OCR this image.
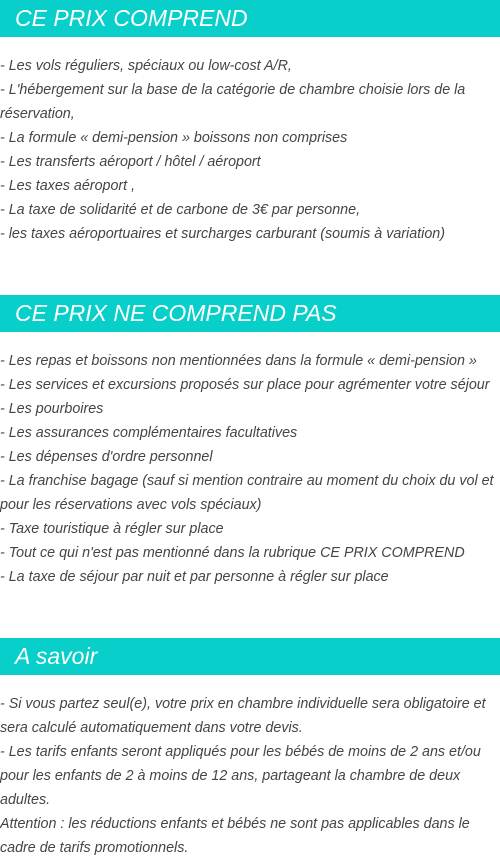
CE PRIX COMPREND
- Les vols réguliers, spéciaux ou low-cost A/R,
- L'hébergement sur la base de la catégorie de chambre choisie lors de la réservation,
- La formule « demi-pension » boissons non comprises
- Les transferts aéroport / hôtel / aéroport
- Les taxes aéroport ,
- La taxe de solidarité et de carbone de 3€ par personne,
- les taxes aéroportuaires et surcharges carburant (soumis à variation)
CE PRIX NE COMPREND PAS
- Les repas et boissons non mentionnées dans la formule « demi-pension »
- Les services et excursions proposés sur place pour agrémenter votre séjour
- Les pourboires
- Les assurances complémentaires facultatives
- Les dépenses d'ordre personnel
- La franchise bagage (sauf si mention contraire au moment du choix du vol et pour les réservations avec vols spéciaux)
- Taxe touristique à régler sur place
- Tout ce qui n'est pas mentionné dans la rubrique CE PRIX COMPREND
- La taxe de séjour par nuit et par personne à régler sur place
A savoir
- Si vous partez seul(e), votre prix en chambre individuelle sera obligatoire et sera calculé automatiquement dans votre devis.
- Les tarifs enfants seront appliqués pour les bébés de moins de 2 ans et/ou pour les enfants de 2 à moins de 12 ans, partageant la chambre de deux adultes.
Attention : les réductions enfants et bébés ne sont pas applicables dans le cadre de tarifs promotionnels.
